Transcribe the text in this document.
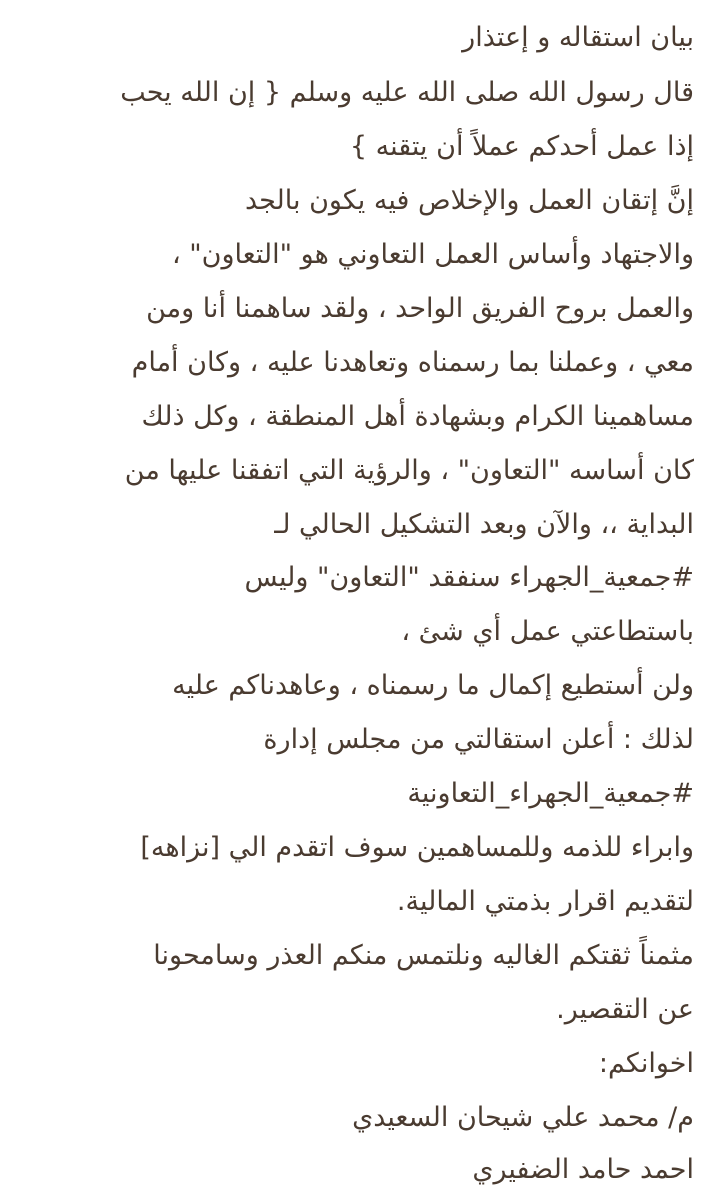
بيان استقاله و إعتذار
قال رسول الله صلى الله عليه وسلم { إن الله يحب
إذا عمل أحدكم عملاً أن يتقنه }
إنَّ إتقان العمل والإخلاص فيه يكون بالجد
والاجتهاد وأساس العمل التعاوني هو "التعاون" ،
والعمل بروح الفريق الواحد ، ولقد ساهمنا أنا ومن
معي ، وعملنا بما رسمناه وتعاهدنا عليه ، وكان أمام
مساهمينا الكرام وبشهادة أهل المنطقة ، وكل ذلك
كان أساسه "التعاون" ، والرؤية التي اتفقنا عليها من
البداية ،، والآن وبعد التشكيل الحالي لـ
#جمعية_الجهراء سنفقد "التعاون" وليس
باستطاعتي عمل أي شئ ،
ولن أستطيع إكمال ما رسمناه ، وعاهدناكم عليه
لذلك : أعلن استقالتي من مجلس إدارة
#جمعية_الجهراء_التعاونية
وابراء للذمه وللمساهمين سوف اتقدم الي [نزاهه]
لتقديم اقرار بذمتي المالية.
مثمناً ثقتكم الغاليه ونلتمس منكم العذر وسامحونا
عن التقصير.
اخوانكم:
م/ محمد علي شيحان السعيدي
احمد حامد الضفيري
